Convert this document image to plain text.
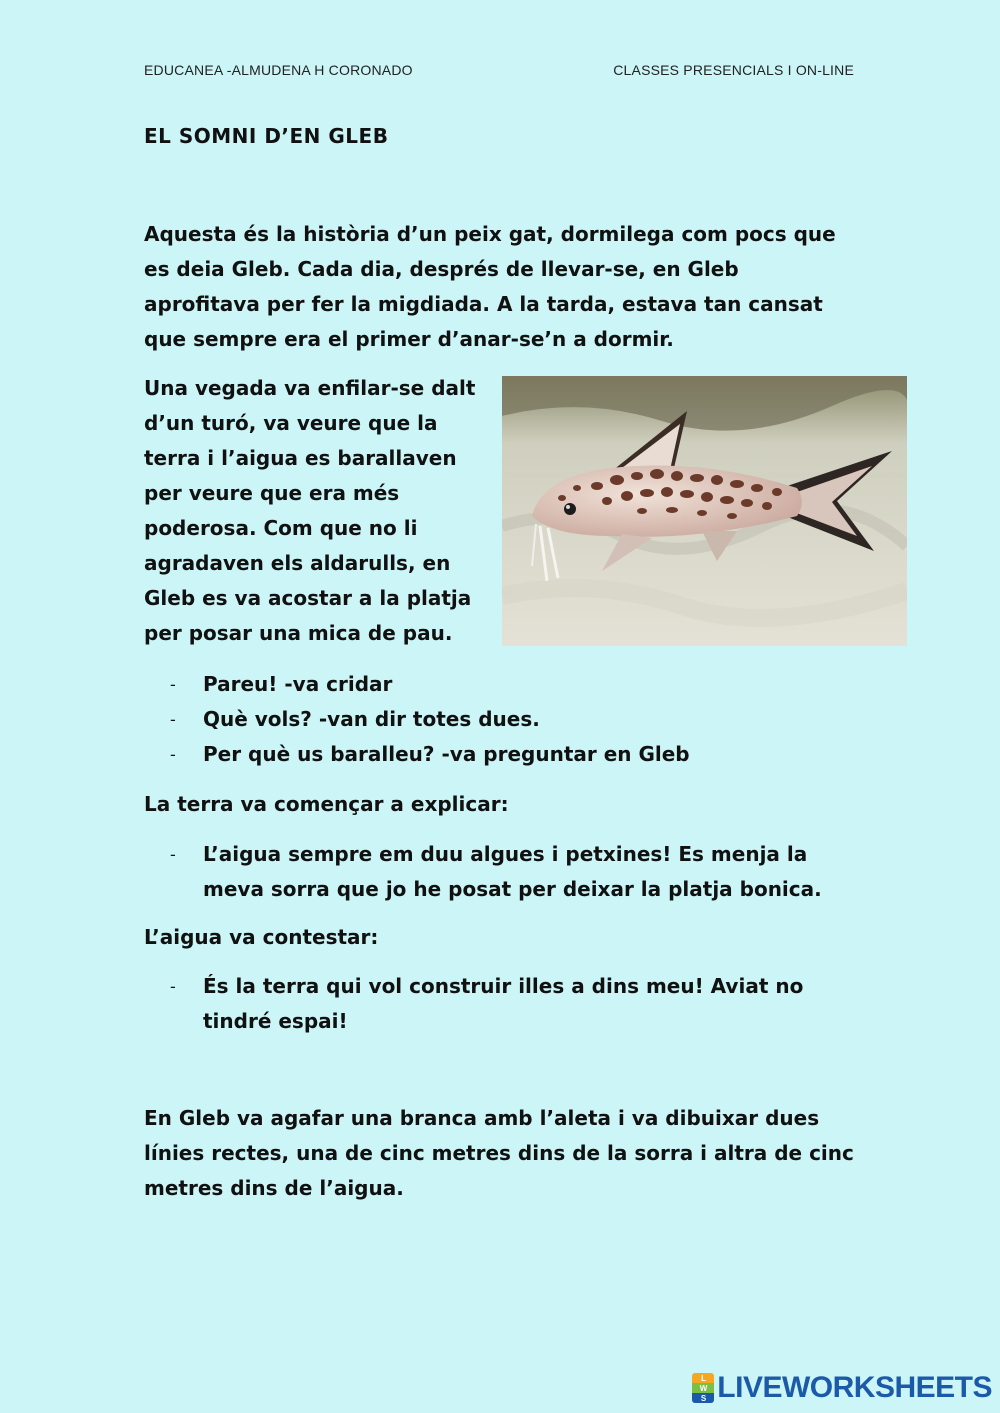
EDUCANEA -ALMUDENA H CORONADO	CLASSES PRESENCIALS I ON-LINE
EL SOMNI D’EN GLEB

Aquesta és la història d’un peix gat, dormilega com pocs que es deia Gleb. Cada dia, després de llevar-se, en Gleb aprofitava per fer la migdiada. A la tarda, estava tan cansat que sempre era el primer d’anar-se’n a dormir.

Una vegada va enfilar-se dalt d’un turó, va veure que la terra i l’aigua es barallaven per veure que era més poderosa. Com que no li agradaven els aldarulls, en Gleb es va acostar a la platja per posar una mica de pau.

- Pareu! -va cridar
- Què vols? -van dir totes dues.
- Per què us baralleu? -va preguntar en Gleb
La terra va començar a explicar:
- L’aigua sempre em duu algues i petxines! Es menja la meva sorra que jo he posat per deixar la platja bonica.
L’aigua va contestar:
- És la terra qui vol construir illes a dins meu! Aviat no tindré espai!

En Gleb va agafar una branca amb l’aleta i va dibuixar dues línies rectes, una de cinc metres dins de la sorra i altra de cinc metres dins de l’aigua.

L
W
S LIVEWORKSHEETS
